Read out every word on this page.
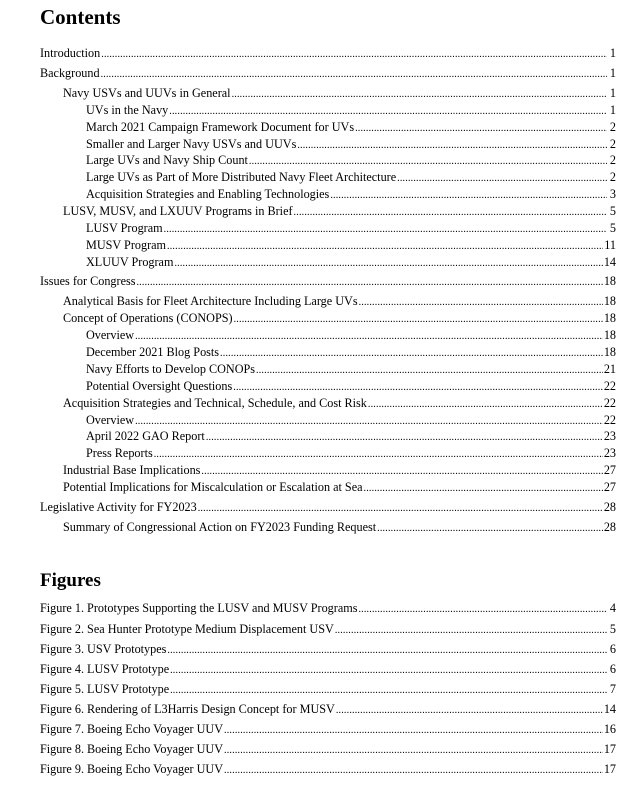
Contents
Introduction .....	1
Background .....	1
Navy USVs and UUVs in General .....	1
UVs in the Navy .....	1
March 2021 Campaign Framework Document for UVs .....	2
Smaller and Larger Navy USVs and UUVs .....	2
Large UVs and Navy Ship Count .....	2
Large UVs as Part of More Distributed Navy Fleet Architecture .....	2
Acquisition Strategies and Enabling Technologies .....	3
LUSV, MUSV, and LXUUV Programs in Brief .....	5
LUSV Program .....	5
MUSV Program .....	11
XLUUV Program .....	14
Issues for Congress .....	18
Analytical Basis for Fleet Architecture Including Large UVs .....	18
Concept of Operations (CONOPS) .....	18
Overview .....	18
December 2021 Blog Posts .....	18
Navy Efforts to Develop CONOPs .....	21
Potential Oversight Questions .....	22
Acquisition Strategies and Technical, Schedule, and Cost Risk .....	22
Overview .....	22
April 2022 GAO Report .....	23
Press Reports .....	23
Industrial Base Implications .....	27
Potential Implications for Miscalculation or Escalation at Sea .....	27
Legislative Activity for FY2023 .....	28
Summary of Congressional Action on FY2023 Funding Request .....	28
Figures
Figure 1. Prototypes Supporting the LUSV and MUSV Programs .....	4
Figure 2. Sea Hunter Prototype Medium Displacement USV .....	5
Figure 3. USV Prototypes .....	6
Figure 4. LUSV Prototype .....	6
Figure 5. LUSV Prototype .....	7
Figure 6. Rendering of L3Harris Design Concept for MUSV .....	14
Figure 7. Boeing Echo Voyager UUV .....	16
Figure 8. Boeing Echo Voyager UUV .....	17
Figure 9. Boeing Echo Voyager UUV .....	17
